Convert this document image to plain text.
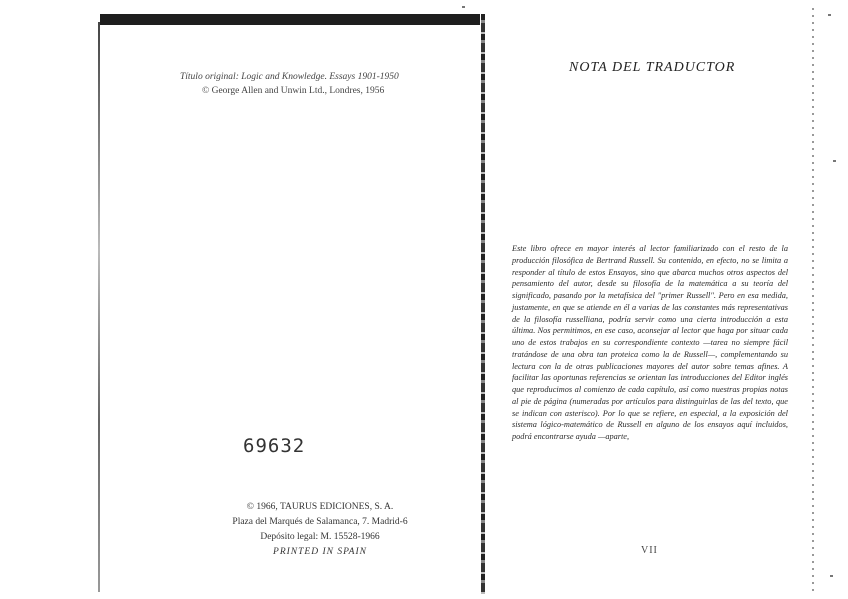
Título original: Logic and Knowledge. Essays 1901-1950
© George Allen and Unwin Ltd., Londres, 1956
69632
© 1966, TAURUS EDICIONES, S. A.
Plaza del Marqués de Salamanca, 7. Madrid-6
Depósito legal: M. 15528-1966
PRINTED IN SPAIN
NOTA DEL TRADUCTOR
Este libro ofrece en mayor interés al lector familiarizado con el resto de la producción filosófica de Bertrand Russell. Su contenido, en efecto, no se limita a responder al título de estos Ensayos, sino que abarca muchos otros aspectos del pensamiento del autor, desde su filosofía de la matemática a su teoría del significado, pasando por la metafísica del "primer Russell". Pero en esa medida, justamente, en que se atiende en él a varias de las constantes más representativas de la filosofía russelliana, podría servir como una cierta introducción a esta última. Nos permitimos, en ese caso, aconsejar al lector que haga por situar cada uno de estos trabajos en su correspondiente contexto —tarea no siempre fácil tratándose de una obra tan proteica como la de Russell—, complementando su lectura con la de otras publicaciones mayores del autor sobre temas afines. A facilitar las oportunas referencias se orientan las introducciones del Editor inglés que reproducimos al comienzo de cada capítulo, así como nuestras propias notas al pie de página (numeradas por artículos para distinguirlas de las del texto, que se indican con asterisco). Por lo que se refiere, en especial, a la exposición del sistema lógico-matemático de Russell en alguno de los ensayos aquí incluidos, podrá encontrarse ayuda —aparte,
VII
